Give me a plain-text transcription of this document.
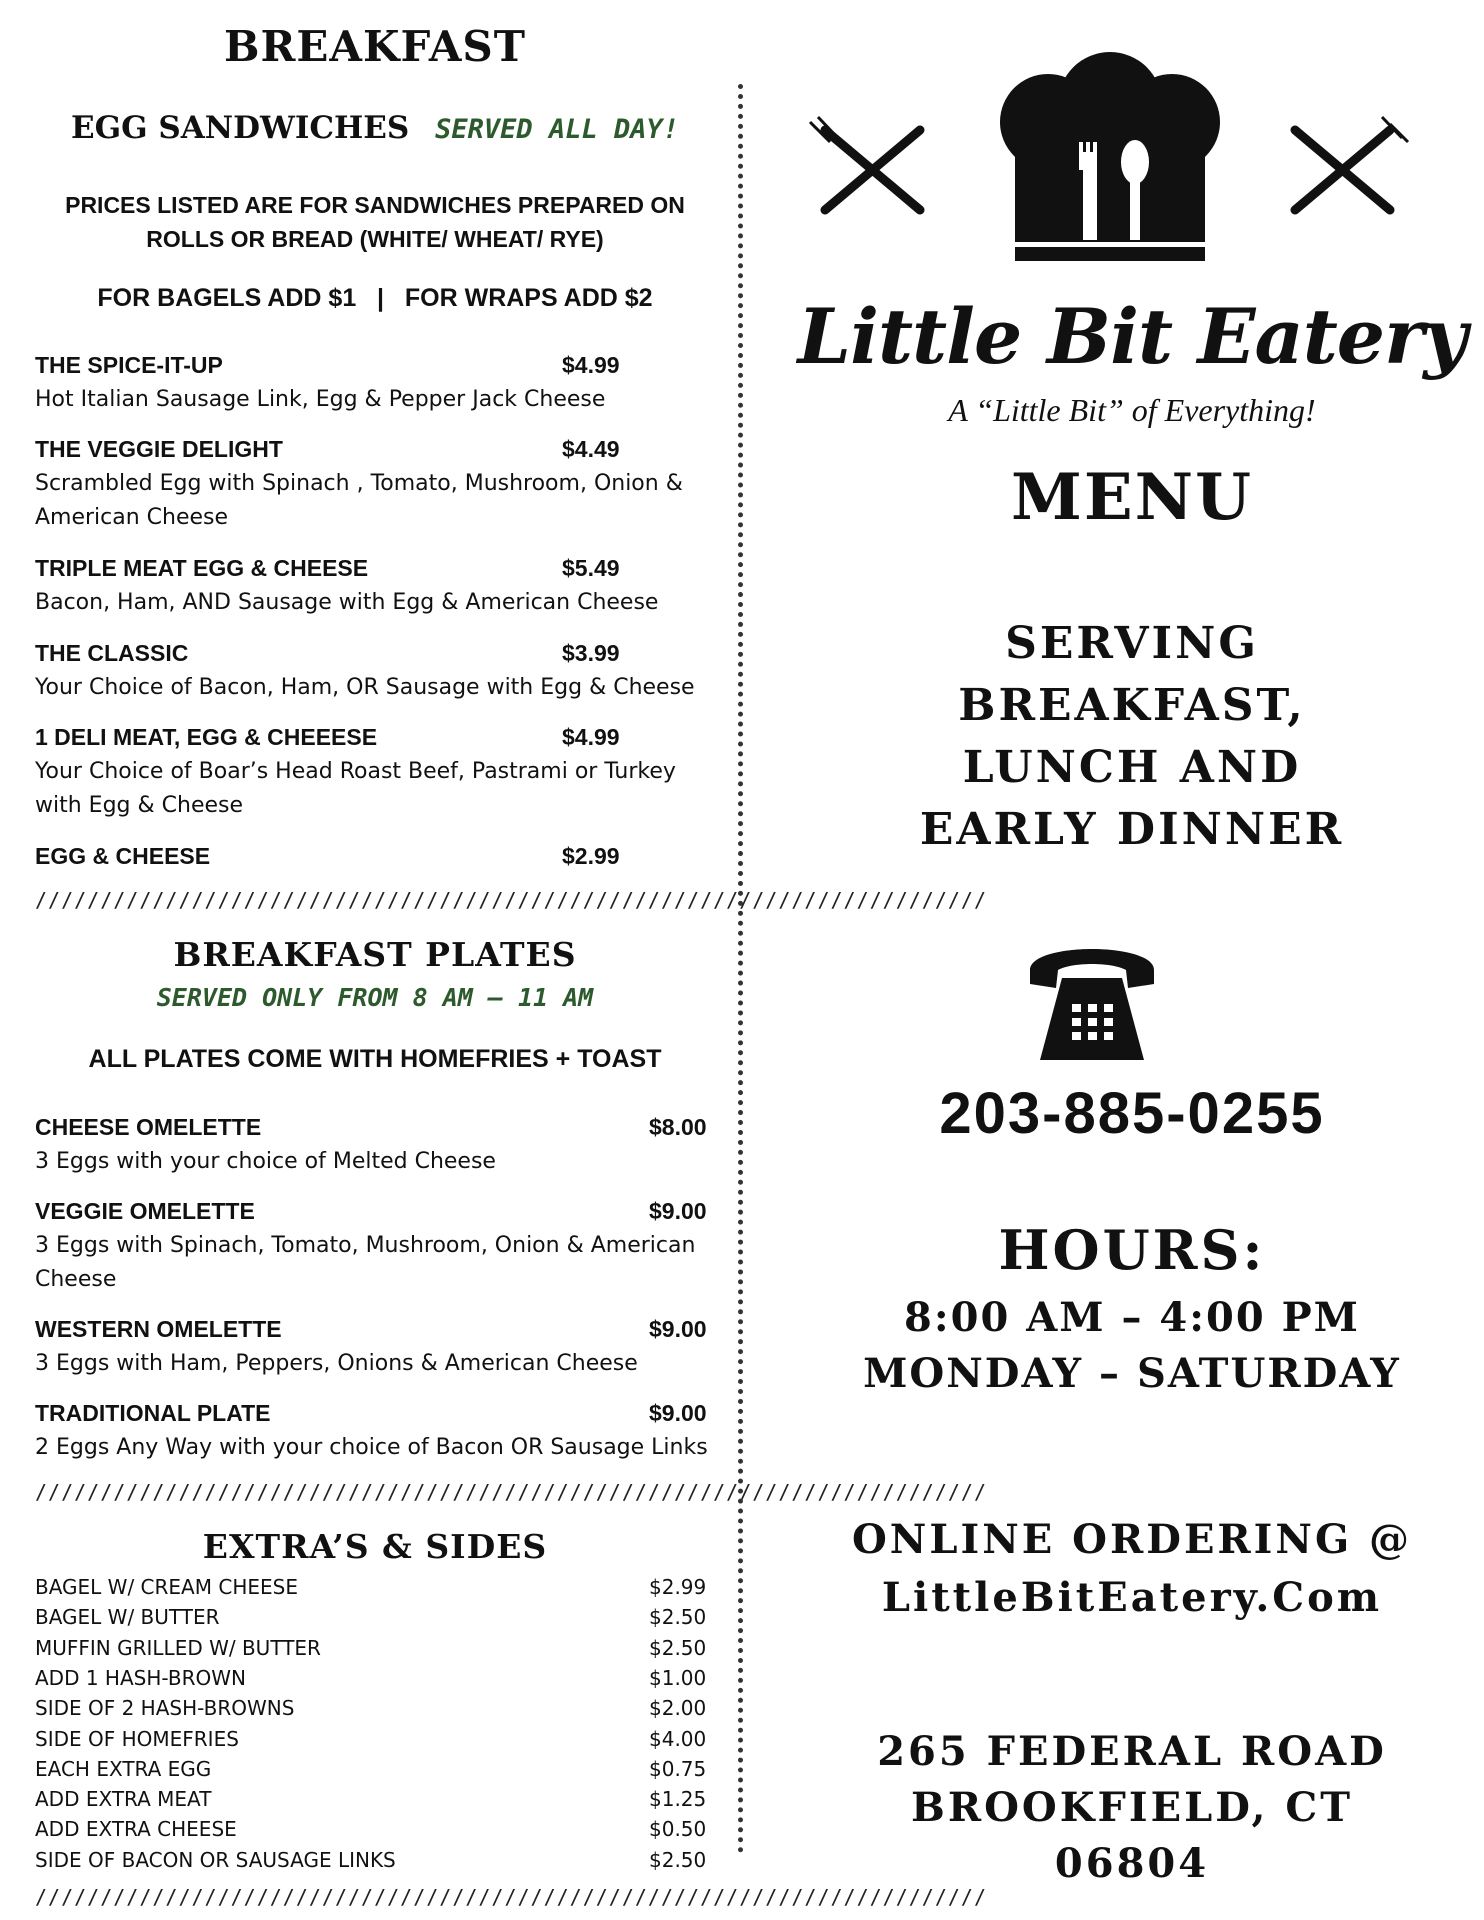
BREAKFAST
EGG SANDWICHES SERVED ALL DAY!
PRICES LISTED ARE FOR SANDWICHES PREPARED ON
ROLLS OR BREAD (WHITE/ WHEAT/ RYE)
FOR BAGELS ADD $1   |   FOR WRAPS ADD $2
THE SPICE-IT-UP	$4.99
Hot Italian Sausage Link, Egg & Pepper Jack Cheese
THE VEGGIE DELIGHT	$4.49
Scrambled Egg with Spinach , Tomato, Mushroom, Onion & American Cheese
TRIPLE MEAT EGG & CHEESE	$5.49
Bacon, Ham, AND Sausage with Egg & American Cheese
THE CLASSIC	$3.99
Your Choice of Bacon, Ham, OR Sausage with Egg & Cheese
1 DELI MEAT, EGG & CHEEESE	$4.99
Your Choice of Boar’s Head Roast Beef, Pastrami or Turkey with Egg & Cheese
EGG & CHEESE	$2.99
/////////////////////////////////////////////////////////////////////////
BREAKFAST PLATES
SERVED ONLY FROM 8 AM – 11 AM
ALL PLATES COME WITH HOMEFRIES + TOAST
CHEESE OMELETTE	$8.00
3 Eggs with your choice of Melted Cheese
VEGGIE OMELETTE	$9.00
3 Eggs with Spinach, Tomato, Mushroom, Onion & American Cheese
WESTERN OMELETTE	$9.00
3 Eggs with Ham, Peppers, Onions & American Cheese
TRADITIONAL PLATE	$9.00
2 Eggs Any Way with your choice of Bacon OR Sausage Links
/////////////////////////////////////////////////////////////////////////
EXTRA’S & SIDES
BAGEL W/ CREAM CHEESE	$2.99
BAGEL W/ BUTTER	$2.50
MUFFIN GRILLED W/ BUTTER	$2.50
ADD 1 HASH-BROWN	$1.00
SIDE OF 2 HASH-BROWNS	$2.00
SIDE OF HOMEFRIES	$4.00
EACH EXTRA EGG	$0.75
ADD EXTRA MEAT	$1.25
ADD EXTRA CHEESE	$0.50
SIDE OF BACON OR SAUSAGE LINKS	$2.50
/////////////////////////////////////////////////////////////////////////
Little Bit Eatery
A “Little Bit” of Everything!
MENU
SERVING
BREAKFAST,
LUNCH AND
EARLY DINNER
203-885-0255
HOURS:
8:00 AM – 4:00 PM
MONDAY – SATURDAY
ONLINE ORDERING @
LittleBitEatery.Com
265 FEDERAL ROAD
BROOKFIELD, CT
06804
